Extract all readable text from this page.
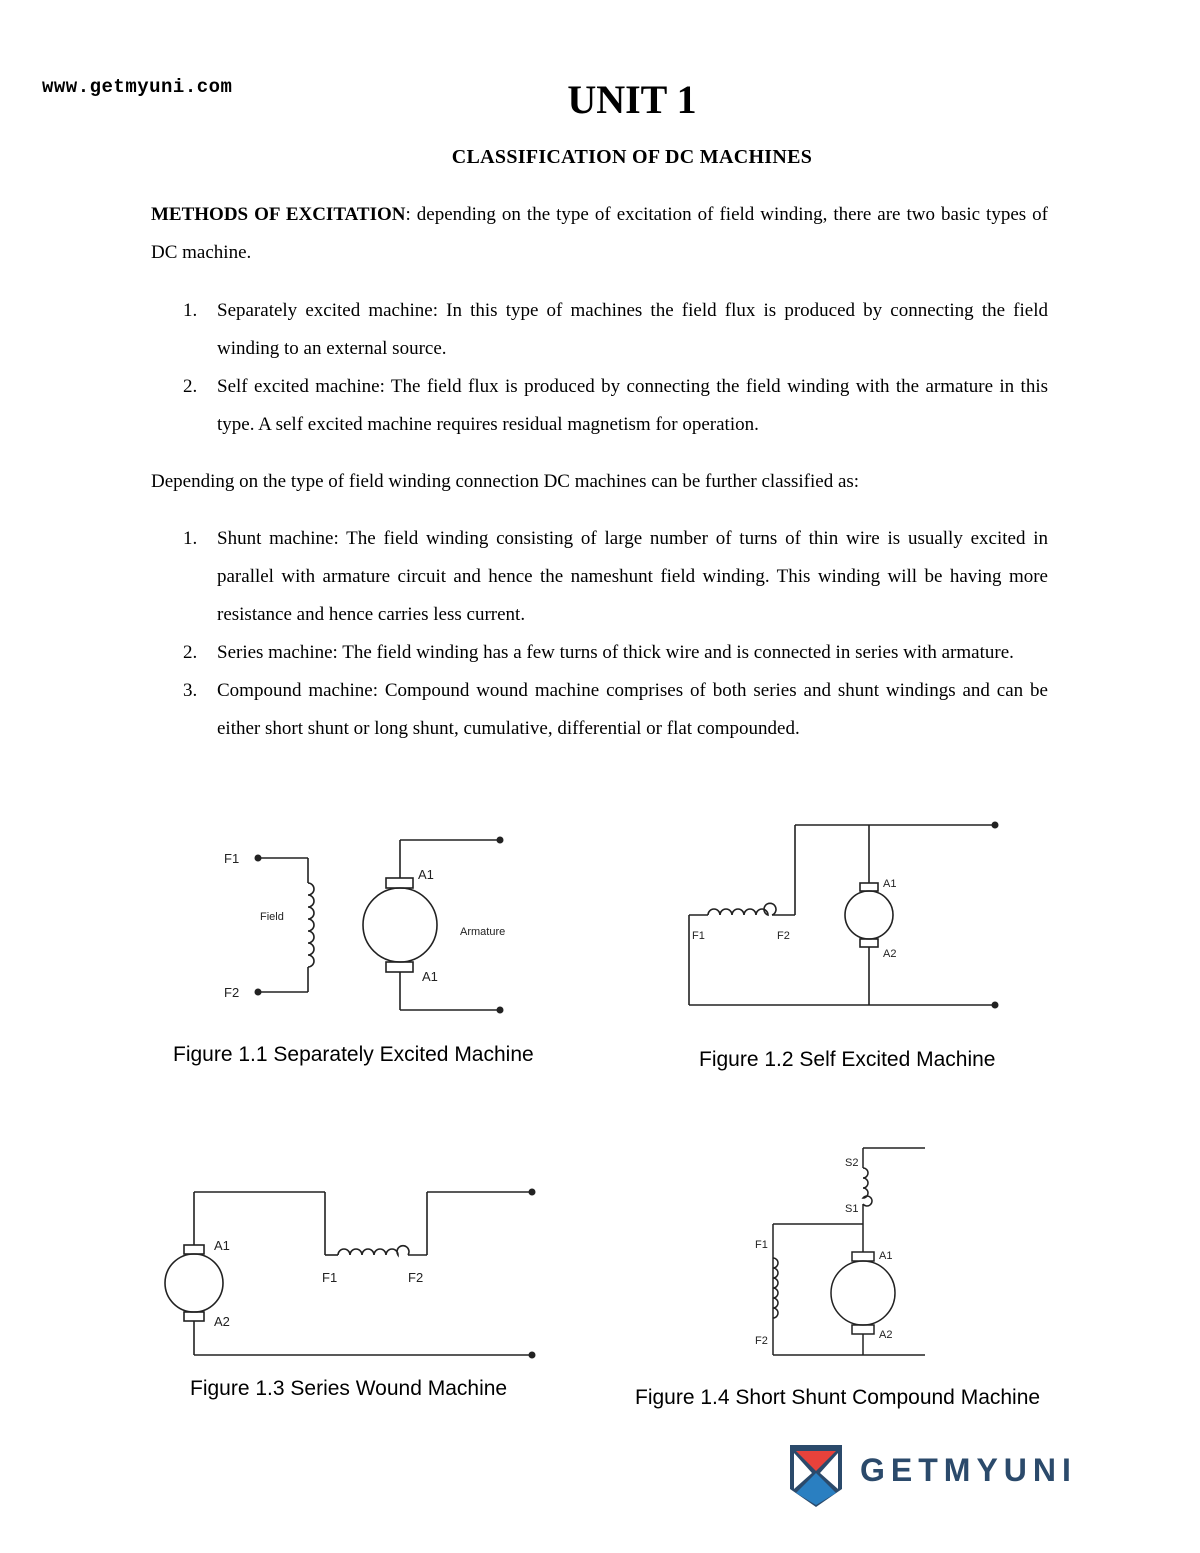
www.getmyuni.com	UNIT 1
CLASSIFICATION OF DC MACHINES
METHODS OF EXCITATION: depending on the type of excitation of field winding, there are two basic types of DC machine.
1. Separately excited machine: In this type of machines the field flux is produced by connecting the field winding to an external source.
2. Self excited machine: The field flux is produced by connecting the field winding with the armature in this type. A self excited machine requires residual magnetism for operation.
Depending on the type of field winding connection DC machines can be further classified as:
1. Shunt machine: The field winding consisting of large number of turns of thin wire is usually excited in parallel with armature circuit and hence the nameshunt field winding. This winding will be having more resistance and hence carries less current.
2. Series machine: The field winding has a few turns of thick wire and is connected in series with armature.
3. Compound machine: Compound wound machine comprises of both series and shunt windings and can be either short shunt or long shunt, cumulative, differential or flat compounded.
F1
F2
Field
Armature
A1
A1
Figure 1.1 Separately Excited Machine
F1	F2
A1
A2
Figure 1.2 Self Excited Machine
A1
A2
F1	F2
Figure 1.3 Series Wound Machine
S2
S1
F1
F2
A1
A2
Figure 1.4 Short Shunt Compound Machine
GETMYUNI
